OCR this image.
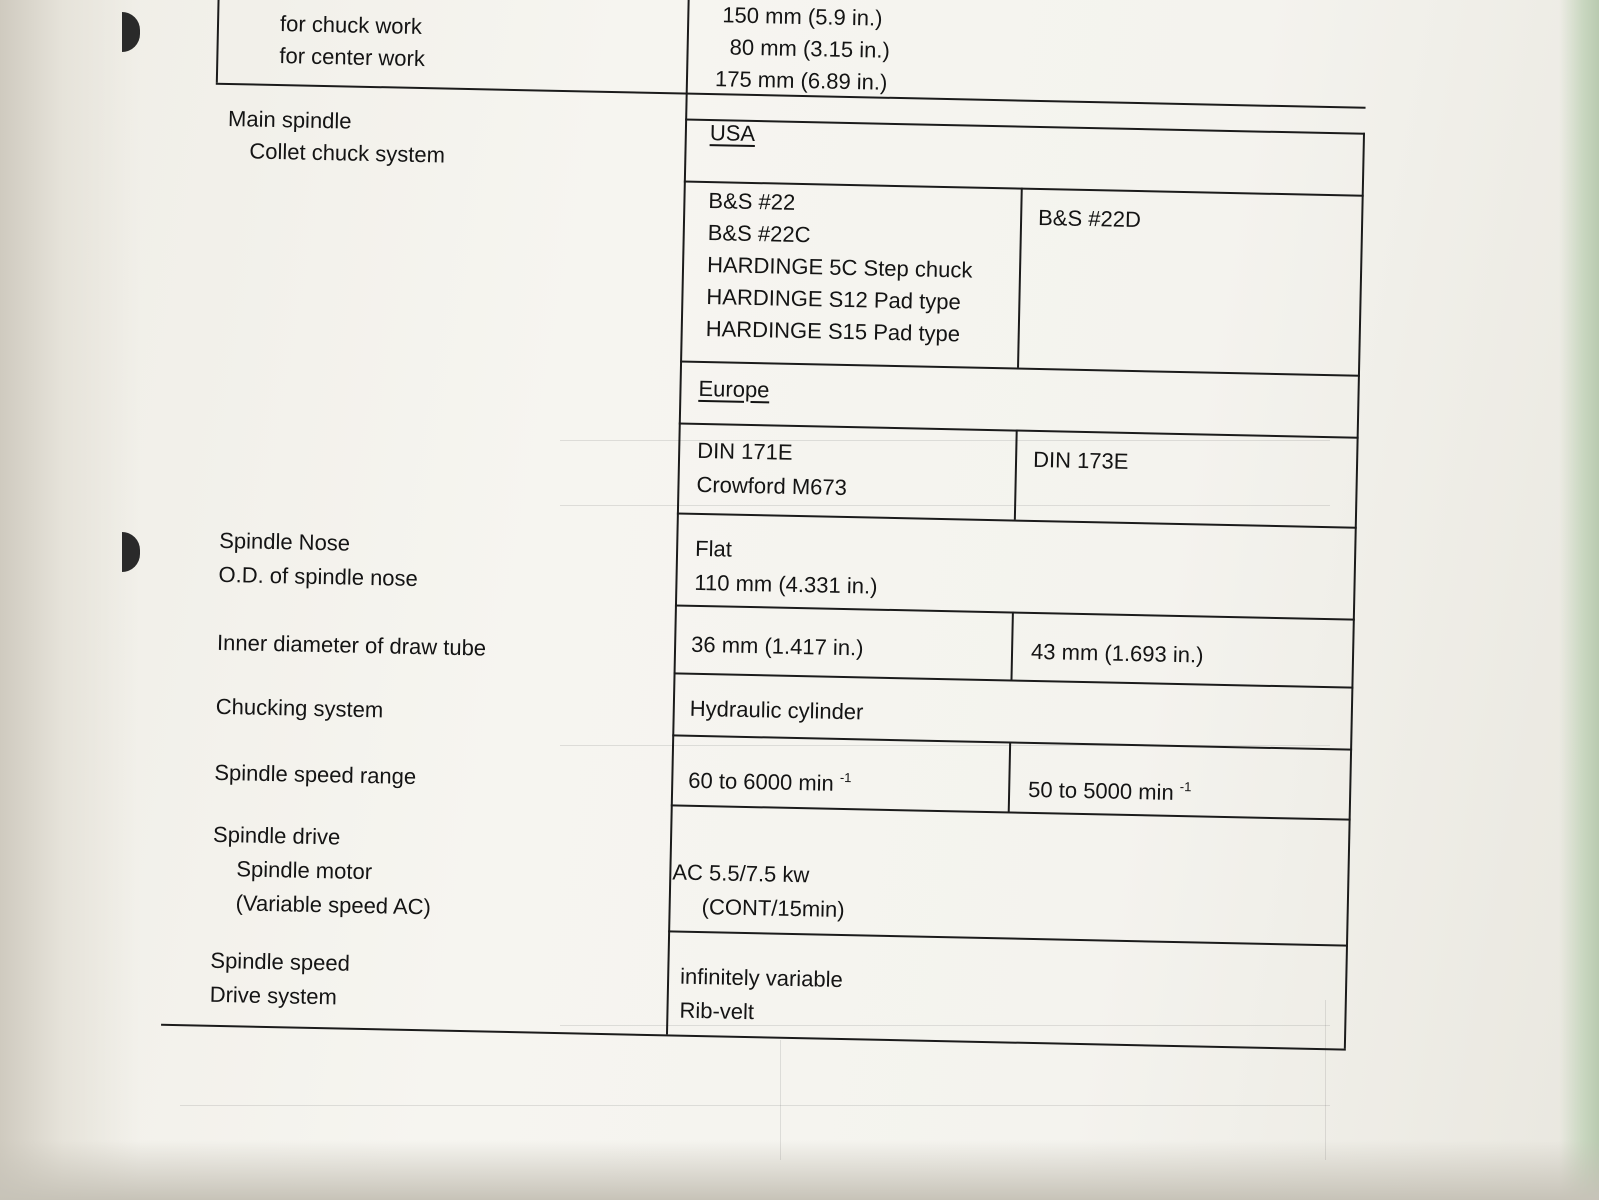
for chuck work
for center work
Main spindle
Collet chuck system
Spindle Nose
O.D. of spindle nose
Inner diameter of draw tube
Chucking system
Spindle speed range
Spindle drive
Spindle motor
(Variable speed AC)
Spindle speed
Drive system
150 mm (5.9 in.)
80 mm (3.15 in.)
175 mm (6.89 in.)
USA
B&S #22
B&S #22C
HARDINGE 5C Step chuck
HARDINGE S12 Pad type
HARDINGE S15 Pad type
B&S #22D
Europe
DIN 171E
Crowford M673
DIN 173E
Flat
110 mm (4.331 in.)
36 mm (1.417 in.)	43 mm (1.693 in.)
Hydraulic cylinder
60 to 6000 min $^{-1}$	50 to 5000 min $^{-1}$
AC 5.5/7.5 kw
(CONT/15min)
infinitely variable
Rib-velt
